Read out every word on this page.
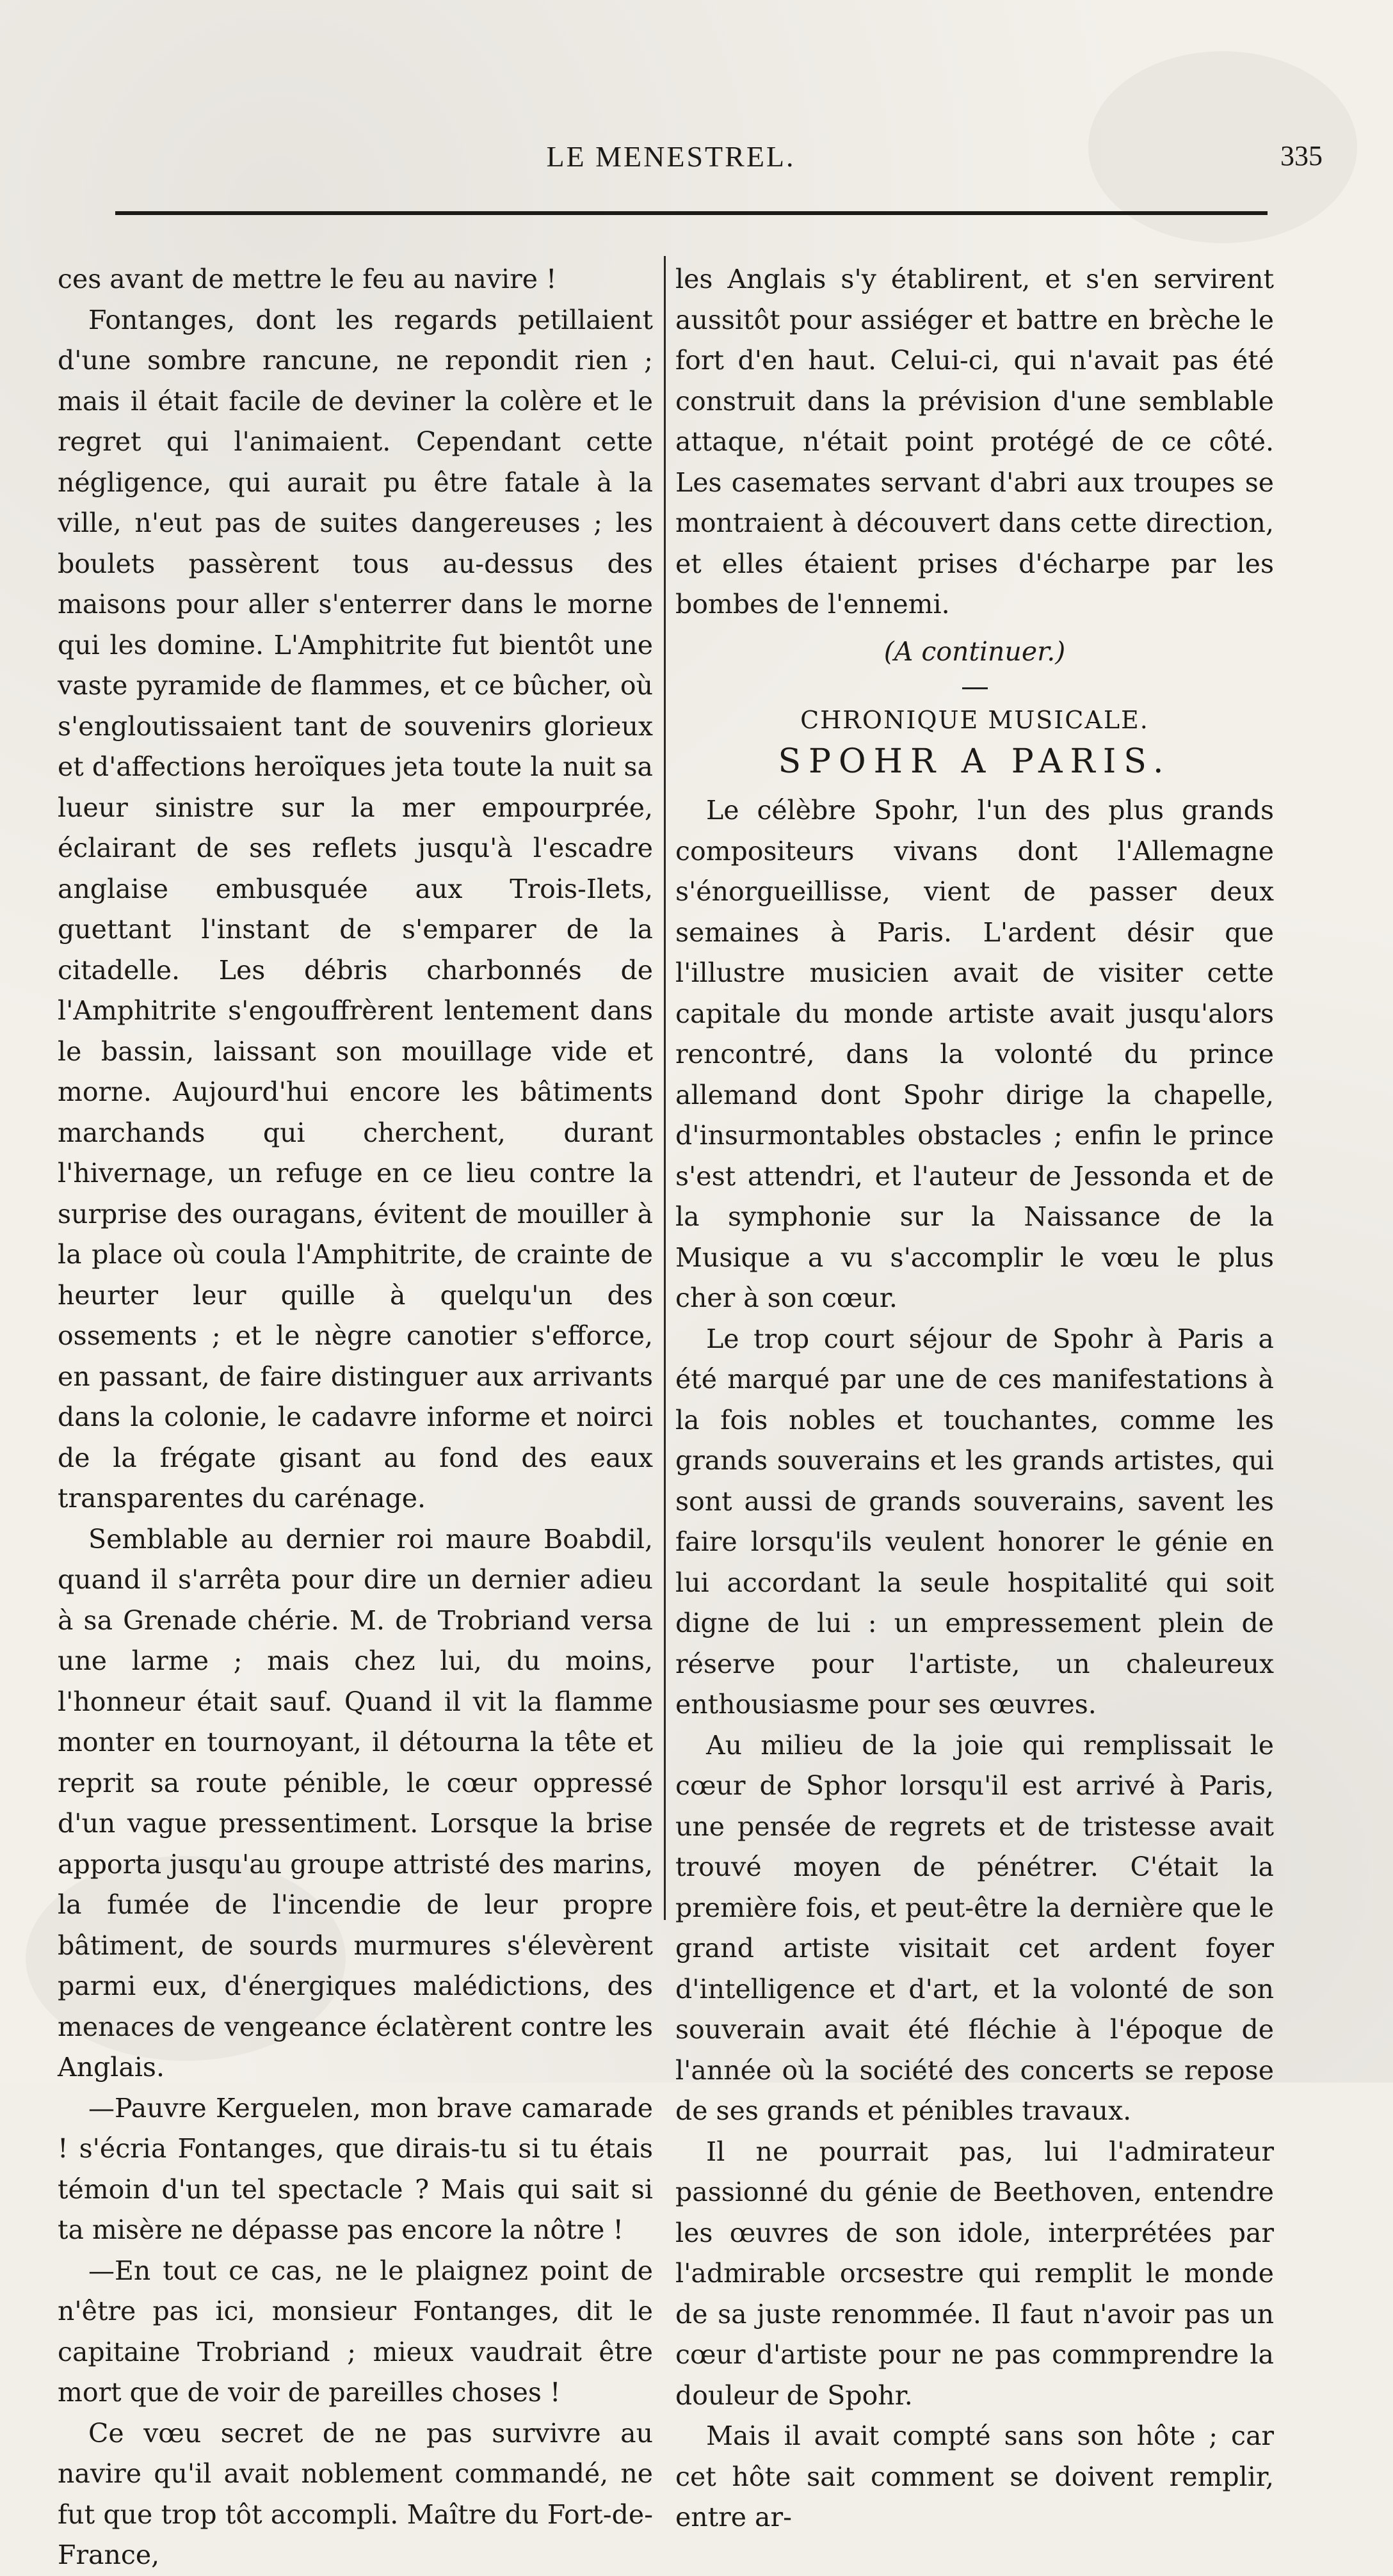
LE MENESTREL.	335

ces avant de mettre le feu au navire !

Fontanges, dont les regards petillaient d'une sombre rancune, ne repondit rien ; mais il était facile de deviner la colère et le regret qui l'animaient. Cependant cette négligence, qui aurait pu être fatale à la ville, n'eut pas de suites dangereuses ; les boulets passèrent tous au-dessus des maisons pour aller s'enterrer dans le morne qui les domine. L'Amphitrite fut bientôt une vaste pyramide de flammes, et ce bûcher, où s'engloutissaient tant de souvenirs glorieux et d'affections heroïques jeta toute la nuit sa lueur sinistre sur la mer empourprée, éclairant de ses reflets jusqu'à l'escadre anglaise embusquée aux Trois-Ilets, guettant l'instant de s'emparer de la citadelle. Les débris charbonnés de l'Amphitrite s'engouffrèrent lentement dans le bassin, laissant son mouillage vide et morne. Aujourd'hui encore les bâtiments marchands qui cherchent, durant l'hivernage, un refuge en ce lieu contre la surprise des ouragans, évitent de mouiller à la place où coula l'Amphitrite, de crainte de heurter leur quille à quelqu'un des ossements ; et le nègre canotier s'efforce, en passant, de faire distinguer aux arrivants dans la colonie, le cadavre informe et noirci de la frégate gisant au fond des eaux transparentes du carénage.

Semblable au dernier roi maure Boabdil, quand il s'arrêta pour dire un dernier adieu à sa Grenade chérie. M. de Trobriand versa une larme ; mais chez lui, du moins, l'honneur était sauf. Quand il vit la flamme monter en tournoyant, il détourna la tête et reprit sa route pénible, le cœur oppressé d'un vague pressentiment. Lorsque la brise apporta jusqu'au groupe attristé des marins, la fumée de l'incendie de leur propre bâtiment, de sourds murmures s'élevèrent parmi eux, d'énergiques malédictions, des menaces de vengeance éclatèrent contre les Anglais.

—Pauvre Kerguelen, mon brave camarade ! s'écria Fontanges, que dirais-tu si tu étais témoin d'un tel spectacle ? Mais qui sait si ta misère ne dépasse pas encore la nôtre !

—En tout ce cas, ne le plaignez point de n'être pas ici, monsieur Fontanges, dit le capitaine Trobriand ; mieux vaudrait être mort que de voir de pareilles choses !

Ce vœu secret de ne pas survivre au navire qu'il avait noblement commandé, ne fut que trop tôt accompli. Maître du Fort-de-France,

les Anglais s'y établirent, et s'en servirent aussitôt pour assiéger et battre en brèche le fort d'en haut. Celui-ci, qui n'avait pas été construit dans la prévision d'une semblable attaque, n'était point protégé de ce côté. Les casemates servant d'abri aux troupes se montraient à découvert dans cette direction, et elles étaient prises d'écharpe par les bombes de l'ennemi.

(A continuer.)
CHRONIQUE MUSICALE.
SPOHR A PARIS.

Le célèbre Spohr, l'un des plus grands compositeurs vivans dont l'Allemagne s'énorgueillisse, vient de passer deux semaines à Paris. L'ardent désir que l'illustre musicien avait de visiter cette capitale du monde artiste avait jusqu'alors rencontré, dans la volonté du prince allemand dont Spohr dirige la chapelle, d'insurmontables obstacles ; enfin le prince s'est attendri, et l'auteur de Jessonda et de la symphonie sur la Naissance de la Musique a vu s'accomplir le vœu le plus cher à son cœur.

Le trop court séjour de Spohr à Paris a été marqué par une de ces manifestations à la fois nobles et touchantes, comme les grands souverains et les grands artistes, qui sont aussi de grands souverains, savent les faire lorsqu'ils veulent honorer le génie en lui accordant la seule hospitalité qui soit digne de lui : un empressement plein de réserve pour l'artiste, un chaleureux enthousiasme pour ses œuvres.

Au milieu de la joie qui remplissait le cœur de Sphor lorsqu'il est arrivé à Paris, une pensée de regrets et de tristesse avait trouvé moyen de pénétrer. C'était la première fois, et peut-être la dernière que le grand artiste visitait cet ardent foyer d'intelligence et d'art, et la volonté de son souverain avait été fléchie à l'époque de l'année où la société des concerts se repose de ses grands et pénibles travaux.

Il ne pourrait pas, lui l'admirateur passionné du génie de Beethoven, entendre les œuvres de son idole, interprétées par l'admirable orcsestre qui remplit le monde de sa juste renommée. Il faut n'avoir pas un cœur d'artiste pour ne pas commprendre la douleur de Spohr.

Mais il avait compté sans son hôte ; car cet hôte sait comment se doivent remplir, entre ar-
